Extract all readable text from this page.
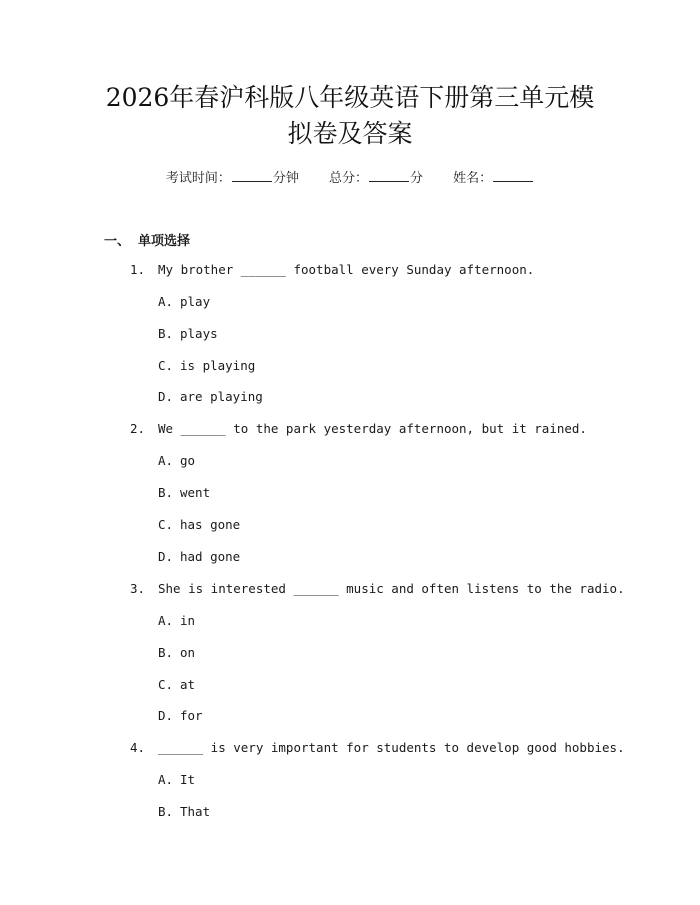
2026年春沪科版八年级英语下册第三单元模
拟卷及答案
考试时间：	分钟 总分：	分 姓名：
一、 单项选择
1. My brother ______ football every Sunday afternoon.
A. play
B. plays
C. is playing
D. are playing
2. We ______ to the park yesterday afternoon, but it rained.
A. go
B. went
C. has gone
D. had gone
3. She is interested ______ music and often listens to the radio.
A. in
B. on
C. at
D. for
4. ______ is very important for students to develop good hobbies.
A. It
B. That
